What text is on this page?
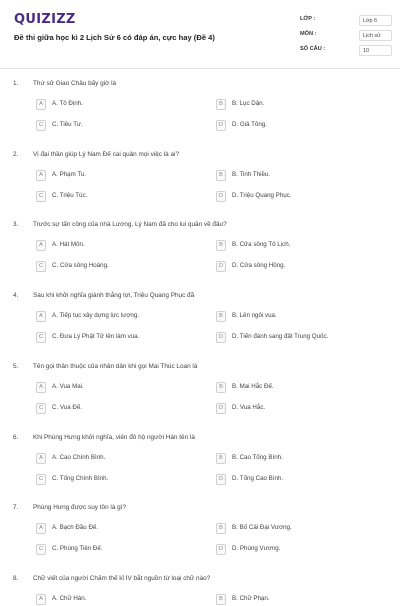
QUIZIZZ
Đề thi giữa học kì 2 Lịch Sử 6 có đáp án, cực hay (Đề 4)
LỚP :	Lớp 6
MÔN :	Lịch sử
SỐ CÂU :	10
1. Thứ sử Giao Châu bấy giờ là
A	A. Tô Định.	B	B. Lục Dận.
C	C. Tiêu Tư.	D	D. Giả Tông.
2. Vị đại thần giúp Lý Nam Đế cai quản mọi việc là ai?
A	A. Phạm Tu.	B	B. Tinh Thiều.
C	C. Triệu Túc.	D	D. Triệu Quang Phục.
3. Trước sự tấn công của nhà Lương, Lý Nam đã cho lui quân về đâu?
A	A. Hát Môn.	B	B. Cửa sông Tô Lịch.
C	C. Cửa sông Hoàng.	D	D. Cửa sông Hồng.
4. Sau khi khởi nghĩa giành thắng lợi, Triệu Quang Phục đã
A	A. Tiếp tục xây dựng lực lượng.	B	B. Lên ngôi vua.
C	C. Đưa Lý Phật Tử lên làm vua.	D	D. Tiến đánh sang đất Trung Quốc.
5. Tên gọi thân thuộc của nhân dân khi gọi Mai Thúc Loan là
A	A. Vua Mai.	B	B. Mai Hắc Đế.
C	C. Vua Đế.	D	D. Vua Hắc.
6. Khi Phùng Hưng khởi nghĩa, viên đô hộ người Hán tên là
A	A. Cao Chính Bình.	B	B. Cao Tống Bình.
C	C. Tống Chính Bình.	D	D. Tống Cao Bình.
7. Phùng Hưng được suy tôn là gì?
A	A. Bạch Đầu Đế.	B	B. Bố Cái Đại Vương.
C	C. Phùng Tiên Đế.	D	D. Phùng Vương.
8. Chữ viết của người Chăm thế kỉ IV bắt nguồn từ loại chữ nào?
A	A. Chữ Hán.	B	B. Chữ Phạn.
